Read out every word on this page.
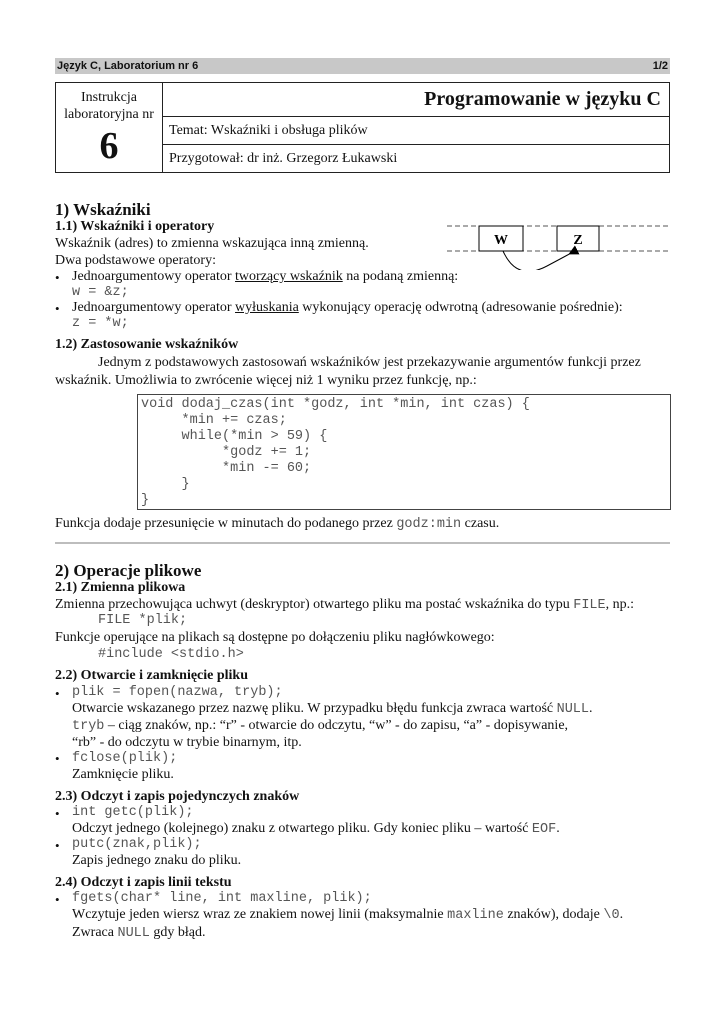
Język C, Laboratorium nr 6	1/2
Instrukcja
laboratoryjna nr
6
	Programowanie w języku C
Temat: Wskaźniki i obsługa plików
Przygotował: dr inż. Grzegorz Łukawski
1) Wskaźniki
1.1) Wskaźniki i operatory
Wskaźnik (adres) to zmienna wskazująca inną zmienną.
Dwa podstawowe operatory:
• Jednoargumentowy operator tworzący wskaźnik na podaną zmienną:
w = &z;
• Jednoargumentowy operator wyłuskania wykonujący operację odwrotną (adresowanie pośrednie):
z = *w;
W	Z
1.2) Zastosowanie wskaźników
Jednym z podstawowych zastosowań wskaźników jest przekazywanie argumentów funkcji przez
wskaźnik. Umożliwia to zwrócenie więcej niż 1 wyniku przez funkcję, np.:
void dodaj_czas(int *godz, int *min, int czas) {
*min += czas;
while(*min > 59) {
*godz += 1;
*min -= 60;
}
}
Funkcja dodaje przesunięcie w minutach do podanego przez godz:min czasu.
2) Operacje plikowe
2.1) Zmienna plikowa
Zmienna przechowująca uchwyt (deskryptor) otwartego pliku ma postać wskaźnika do typu FILE, np.:
FILE *plik;
Funkcje operujące na plikach są dostępne po dołączeniu pliku nagłówkowego:
#include <stdio.h>
2.2) Otwarcie i zamknięcie pliku
• plik = fopen(nazwa, tryb);
Otwarcie wskazanego przez nazwę pliku. W przypadku błędu funkcja zwraca wartość NULL.
tryb – ciąg znaków, np.: “r” - otwarcie do odczytu, “w” - do zapisu, “a” - dopisywanie,
“rb” - do odczytu w trybie binarnym, itp.
• fclose(plik);
Zamknięcie pliku.
2.3) Odczyt i zapis pojedynczych znaków
• int getc(plik);
Odczyt jednego (kolejnego) znaku z otwartego pliku. Gdy koniec pliku – wartość EOF.
• putc(znak,plik);
Zapis jednego znaku do pliku.
2.4) Odczyt i zapis linii tekstu
• fgets(char* line, int maxline, plik);
Wczytuje jeden wiersz wraz ze znakiem nowej linii (maksymalnie maxline znaków), dodaje \0.
Zwraca NULL gdy błąd.
